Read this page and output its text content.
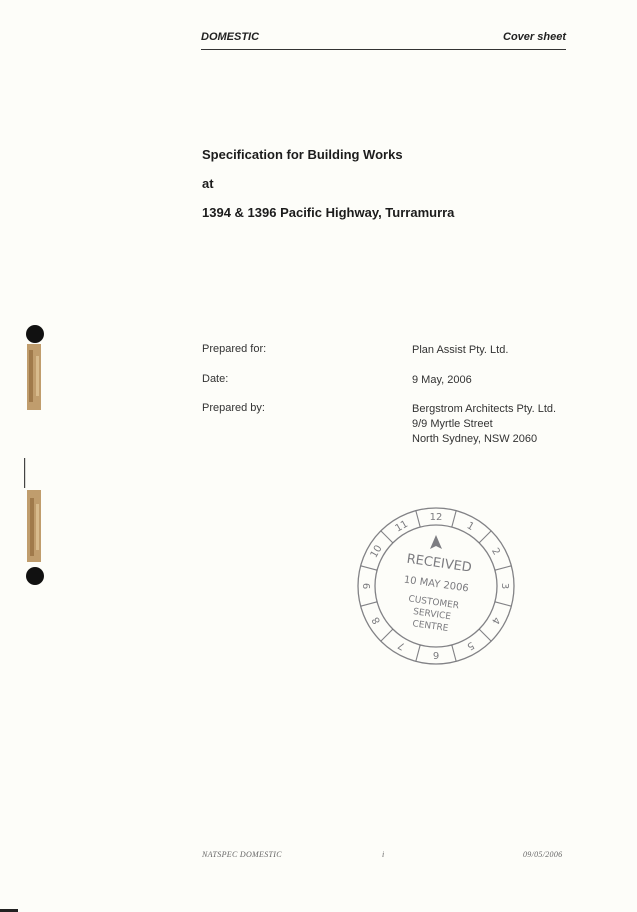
DOMESTIC	Cover sheet
Specification for Building Works
at
1394 & 1396 Pacific Highway, Turramurra
Prepared for:	Plan Assist Pty. Ltd.
Date:	9 May, 2006
Prepared by:	Bergstrom Architects Pty. Ltd.
9/9 Myrtle Street
North Sydney, NSW 2060
12
1
2
3
4
5
6
7
8
9
10
11
RECEIVED
10 MAY 2006
CUSTOMER
SERVICE
CENTRE
NATSPEC DOMESTIC	i	09/05/2006
